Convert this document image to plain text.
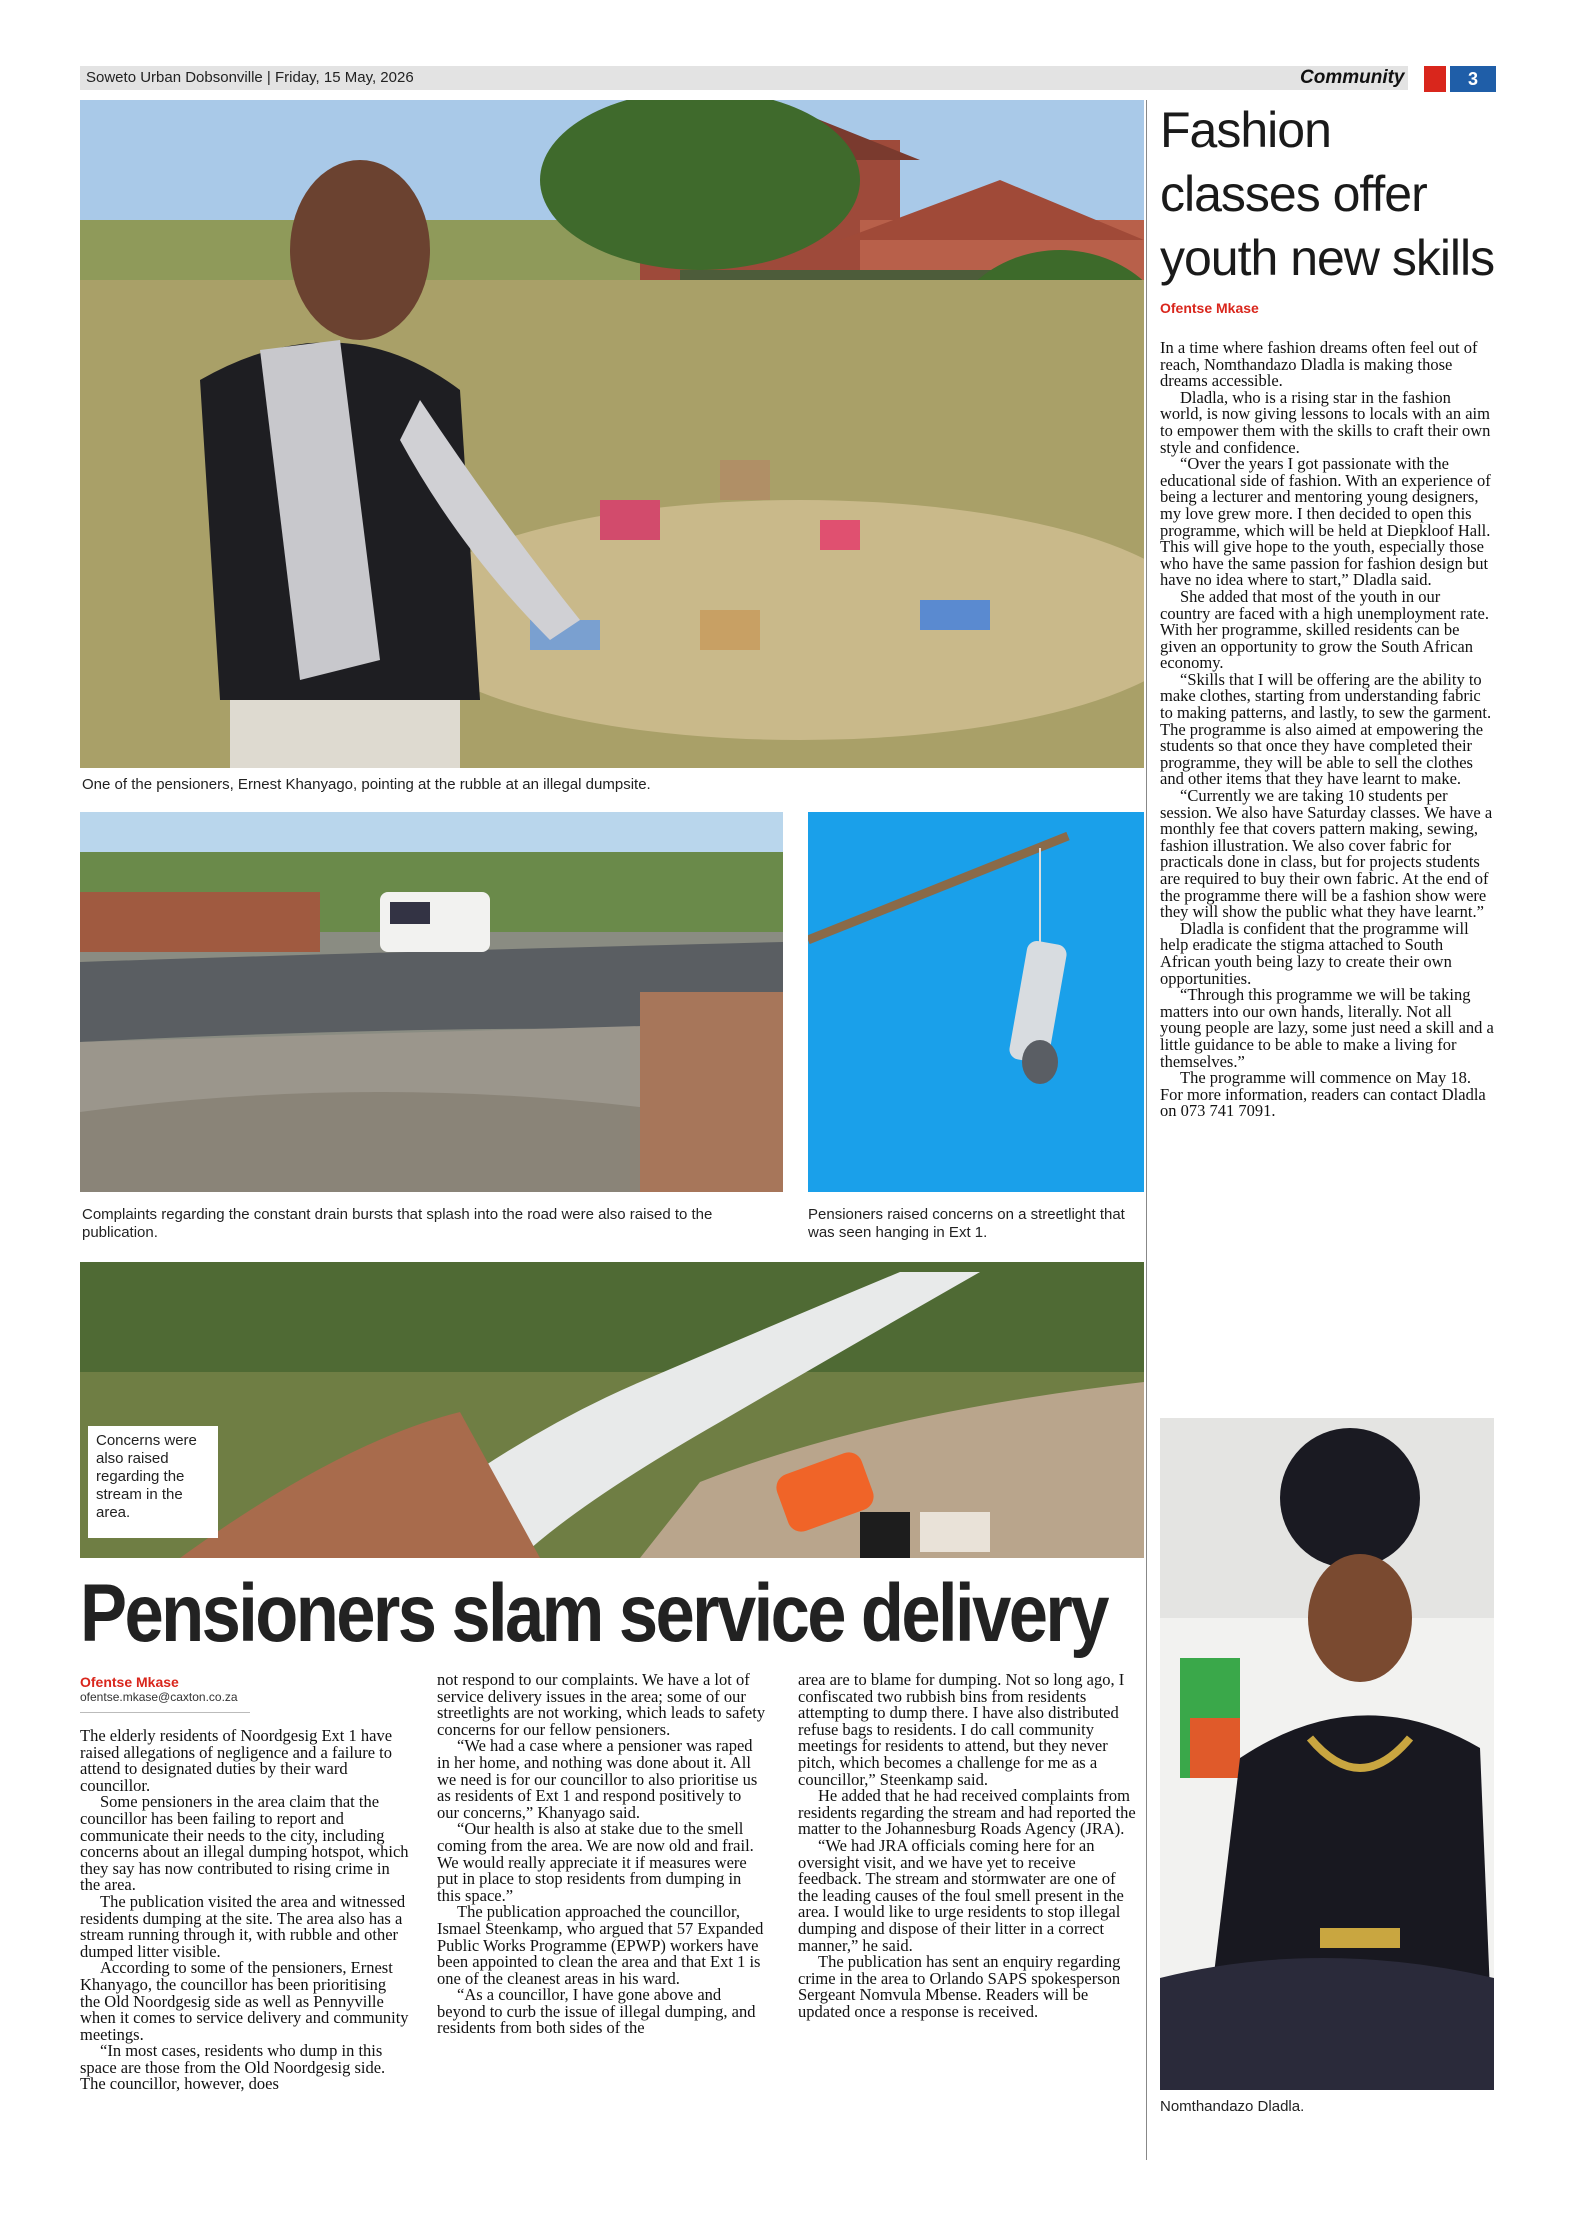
Soweto Urban Dobsonville | Friday, 15 May, 2026	Community	3
One of the pensioners, Ernest Khanyago, pointing at the rubble at an illegal dumpsite.
Complaints regarding the constant drain bursts that splash into the road were also raised to the publication.
Pensioners raised concerns on a streetlight that was seen hanging in Ext 1.
Concerns were also raised regarding the stream in the area.
Pensioners slam service delivery
Ofentse Mkase
ofentse.mkase@caxton.co.za

The elderly residents of Noordgesig Ext 1 have raised allegations of negligence and a failure to attend to designated duties by their ward councillor.

Some pensioners in the area claim that the councillor has been failing to report and communicate their needs to the city, including concerns about an illegal dumping hotspot, which they say has now contributed to rising crime in the area.

The publication visited the area and witnessed residents dumping at the site. The area also has a stream running through it, with rubble and other dumped litter visible.

According to some of the pensioners, Ernest Khanyago, the councillor has been prioritising the Old Noordgesig side as well as Pennyville when it comes to service delivery and community meetings.

“In most cases, residents who dump in this space are those from the Old Noordgesig side. The councillor, however, does

not respond to our complaints. We have a lot of service delivery issues in the area; some of our streetlights are not working, which leads to safety concerns for our fellow pensioners.

“We had a case where a pensioner was raped in her home, and nothing was done about it. All we need is for our councillor to also prioritise us as residents of Ext 1 and respond positively to our concerns,” Khanyago said.

“Our health is also at stake due to the smell coming from the area. We are now old and frail. We would really appreciate it if measures were put in place to stop residents from dumping in this space.”

The publication approached the councillor, Ismael Steenkamp, who argued that 57 Expanded Public Works Programme (EPWP) workers have been appointed to clean the area and that Ext 1 is one of the cleanest areas in his ward.

“As a councillor, I have gone above and beyond to curb the issue of illegal dumping, and residents from both sides of the

area are to blame for dumping. Not so long ago, I confiscated two rubbish bins from residents attempting to dump there. I have also distributed refuse bags to residents. I do call community meetings for residents to attend, but they never pitch, which becomes a challenge for me as a councillor,” Steenkamp said.

He added that he had received complaints from residents regarding the stream and had reported the matter to the Johannesburg Roads Agency (JRA).

“We had JRA officials coming here for an oversight visit, and we have yet to receive feedback. The stream and stormwater are one of the leading causes of the foul smell present in the area. I would like to urge residents to stop illegal dumping and dispose of their litter in a correct manner,” he said.

The publication has sent an enquiry regarding crime in the area to Orlando SAPS spokesperson Sergeant Nomvula Mbense. Readers will be updated once a response is received.

Fashion classes offer youth new skills
Ofentse Mkase

In a time where fashion dreams often feel out of reach, Nomthandazo Dladla is making those dreams accessible.

Dladla, who is a rising star in the fashion world, is now giving lessons to locals with an aim to empower them with the skills to craft their own style and confidence.

“Over the years I got passionate with the educational side of fashion. With an experience of being a lecturer and mentoring young designers, my love grew more. I then decided to open this programme, which will be held at Diepkloof Hall. This will give hope to the youth, especially those who have the same passion for fashion design but have no idea where to start,” Dladla said.

She added that most of the youth in our country are faced with a high unemployment rate. With her programme, skilled residents can be given an opportunity to grow the South African economy.

“Skills that I will be offering are the ability to make clothes, starting from understanding fabric to making patterns, and lastly, to sew the garment. The programme is also aimed at empowering the students so that once they have completed their programme, they will be able to sell the clothes and other items that they have learnt to make.

“Currently we are taking 10 students per session. We also have Saturday classes. We have a monthly fee that covers pattern making, sewing, fashion illustration. We also cover fabric for practicals done in class, but for projects students are required to buy their own fabric. At the end of the programme there will be a fashion show were they will show the public what they have learnt.”

Dladla is confident that the programme will help eradicate the stigma attached to South African youth being lazy to create their own opportunities.

“Through this programme we will be taking matters into our own hands, literally. Not all young people are lazy, some just need a skill and a little guidance to be able to make a living for themselves.”

The programme will commence on May 18. For more information, readers can contact Dladla on 073 741 7091.

Nomthandazo Dladla.
